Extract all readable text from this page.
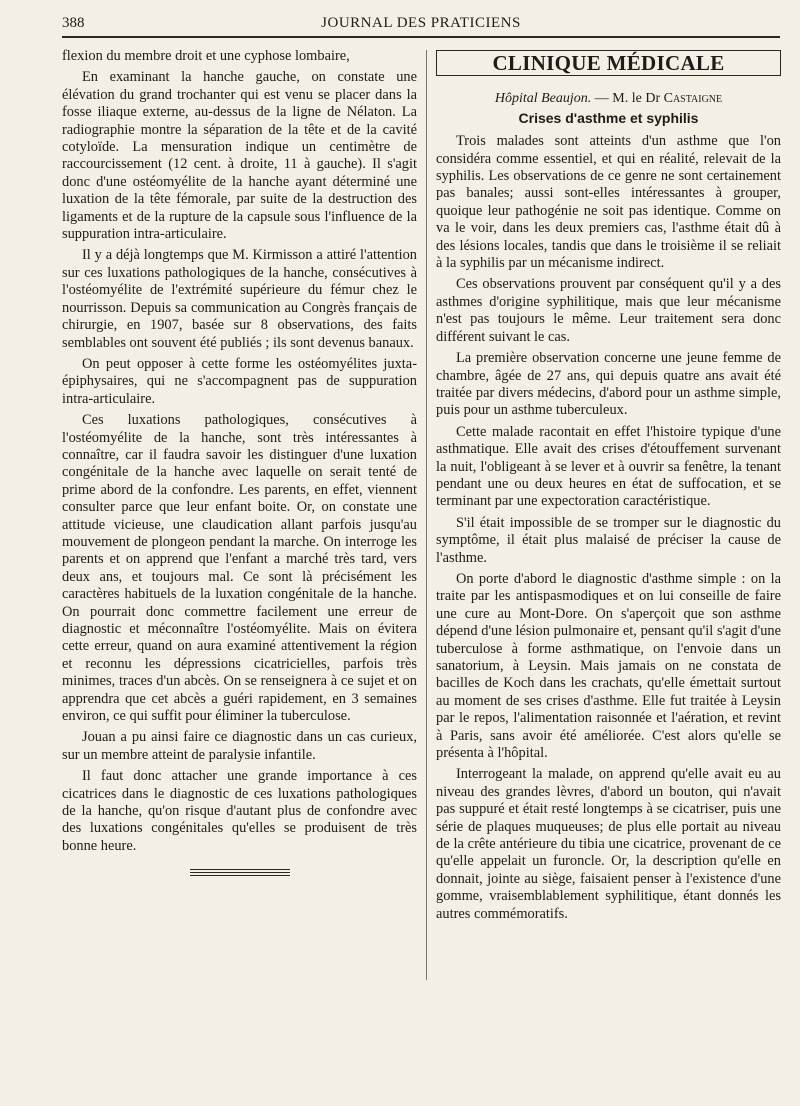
388	JOURNAL DES PRATICIENS

flexion du membre droit et une cyphose lombaire,

En examinant la hanche gauche, on constate une élévation du grand trochanter qui est venu se placer dans la fosse iliaque externe, au-dessus de la ligne de Nélaton. La radiographie montre la séparation de la tête et de la cavité cotyloïde. La mensuration indique un centimètre de raccourcissement (12 cent. à droite, 11 à gauche). Il s'agit donc d'une ostéomyélite de la hanche ayant déterminé une luxation de la tête fémorale, par suite de la destruction des ligaments et de la rupture de la capsule sous l'influence de la suppuration intra-articulaire.

Il y a déjà longtemps que M. Kirmisson a attiré l'attention sur ces luxations pathologiques de la hanche, consécutives à l'ostéomyélite de l'extrémité supérieure du fémur chez le nourrisson. Depuis sa communication au Congrès français de chirurgie, en 1907, basée sur 8 observations, des faits semblables ont souvent été publiés ; ils sont devenus banaux.

On peut opposer à cette forme les ostéomyélites juxta-épiphysaires, qui ne s'accompagnent pas de suppuration intra-articulaire.

Ces luxations pathologiques, consécutives à l'ostéomyélite de la hanche, sont très intéressantes à connaître, car il faudra savoir les distinguer d'une luxation congénitale de la hanche avec laquelle on serait tenté de prime abord de la confondre. Les parents, en effet, viennent consulter parce que leur enfant boite. Or, on constate une attitude vicieuse, une claudication allant parfois jusqu'au mouvement de plongeon pendant la marche. On interroge les parents et on apprend que l'enfant a marché très tard, vers deux ans, et toujours mal. Ce sont là précisément les caractères habituels de la luxation congénitale de la hanche. On pourrait donc commettre facilement une erreur de diagnostic et méconnaître l'ostéomyélite. Mais on évitera cette erreur, quand on aura examiné attentivement la région et reconnu les dépressions cicatricielles, parfois très minimes, traces d'un abcès. On se renseignera à ce sujet et on apprendra que cet abcès a guéri rapidement, en 3 semaines environ, ce qui suffit pour éliminer la tuberculose.

Jouan a pu ainsi faire ce diagnostic dans un cas curieux, sur un membre atteint de paralysie infantile.

Il faut donc attacher une grande importance à ces cicatrices dans le diagnostic de ces luxations pathologiques de la hanche, qu'on risque d'autant plus de confondre avec des luxations congénitales qu'elles se produisent de très bonne heure.

CLINIQUE MÉDICALE
Hôpital Beaujon. — M. le Dr Castaigne
Crises d'asthme et syphilis

Trois malades sont atteints d'un asthme que l'on considéra comme essentiel, et qui en réalité, relevait de la syphilis. Les observations de ce genre ne sont certainement pas banales; aussi sont-elles intéressantes à grouper, quoique leur pathogénie ne soit pas identique. Comme on va le voir, dans les deux premiers cas, l'asthme était dû à des lésions locales, tandis que dans le troisième il se reliait à la syphilis par un mécanisme indirect.

Ces observations prouvent par conséquent qu'il y a des asthmes d'origine syphilitique, mais que leur mécanisme n'est pas toujours le même. Leur traitement sera donc différent suivant le cas.

La première observation concerne une jeune femme de chambre, âgée de 27 ans, qui depuis quatre ans avait été traitée par divers médecins, d'abord pour un asthme simple, puis pour un asthme tuberculeux.

Cette malade racontait en effet l'histoire typique d'une asthmatique. Elle avait des crises d'étouffement survenant la nuit, l'obligeant à se lever et à ouvrir sa fenêtre, la tenant pendant une ou deux heures en état de suffocation, et se terminant par une expectoration caractéristique.

S'il était impossible de se tromper sur le diagnostic du symptôme, il était plus malaisé de préciser la cause de l'asthme.

On porte d'abord le diagnostic d'asthme simple : on la traite par les antispasmodiques et on lui conseille de faire une cure au Mont-Dore. On s'aperçoit que son asthme dépend d'une lésion pulmonaire et, pensant qu'il s'agit d'une tuberculose à forme asthmatique, on l'envoie dans un sanatorium, à Leysin. Mais jamais on ne constata de bacilles de Koch dans les crachats, qu'elle émettait surtout au moment de ses crises d'asthme. Elle fut traitée à Leysin par le repos, l'alimentation raisonnée et l'aération, et revint à Paris, sans avoir été améliorée. C'est alors qu'elle se présenta à l'hôpital.

Interrogeant la malade, on apprend qu'elle avait eu au niveau des grandes lèvres, d'abord un bouton, qui n'avait pas suppuré et était resté longtemps à se cicatriser, puis une série de plaques muqueuses; de plus elle portait au niveau de la crête antérieure du tibia une cicatrice, provenant de ce qu'elle appelait un furoncle. Or, la description qu'elle en donnait, jointe au siège, faisaient penser à l'existence d'une gomme, vraisemblablement syphilitique, étant donnés les autres commémoratifs.
